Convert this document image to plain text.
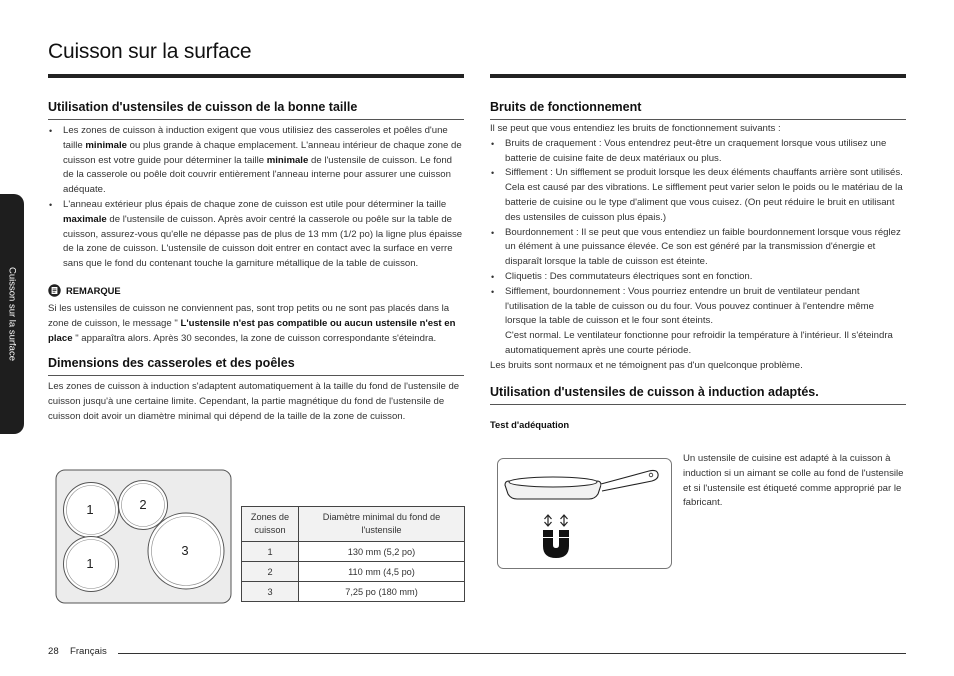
Cuisson sur la surface
Cuisson sur la surface
Utilisation d'ustensiles de cuisson de la bonne taille
• Les zones de cuisson à induction exigent que vous utilisiez des casseroles et poêles d'une taille minimale ou plus grande à chaque emplacement. L'anneau intérieur de chaque zone de cuisson est votre guide pour déterminer la taille minimale de l'ustensile de cuisson. Le fond de la casserole ou poêle doit couvrir entièrement l'anneau interne pour assurer une cuisson adéquate.
• L'anneau extérieur plus épais de chaque zone de cuisson est utile pour déterminer la taille maximale de l'ustensile de cuisson. Après avoir centré la casserole ou poêle sur la table de cuisson, assurez-vous qu'elle ne dépasse pas de plus de 13 mm (1/2 po) la ligne plus épaisse de la zone de cuisson. L'ustensile de cuisson doit entrer en contact avec la surface en verre sans que le fond du contenant touche la garniture métallique de la table de cuisson.
REMARQUE

Si les ustensiles de cuisson ne conviennent pas, sont trop petits ou ne sont pas placés dans la zone de cuisson, le message " L'ustensile n'est pas compatible ou aucun ustensile n'est en place " apparaîtra alors. Après 30 secondes, la zone de cuisson correspondante s'éteindra.

Dimensions des casseroles et des poêles

Les zones de cuisson à induction s'adaptent automatiquement à la taille du fond de l'ustensile de cuisson jusqu'à une certaine limite. Cependant, la partie magnétique du fond de l'ustensile de cuisson doit avoir un diamètre minimal qui dépend de la taille de la zone de cuisson.

1	2
3
1
Zones de cuisson	Diamètre minimal du fond de l'ustensile
1	130 mm (5,2 po)
2	110 mm (4,5 po)
3	7,25 po (180 mm)
Bruits de fonctionnement

Il se peut que vous entendiez les bruits de fonctionnement suivants :

• Bruits de craquement : Vous entendrez peut-être un craquement lorsque vous utilisez une batterie de cuisine faite de deux matériaux ou plus.
• Sifflement : Un sifflement se produit lorsque les deux éléments chauffants arrière sont utilisés.
Cela est causé par des vibrations. Le sifflement peut varier selon le poids ou le matériau de la batterie de cuisine ou le type d'aliment que vous cuisez. (On peut réduire le bruit en utilisant des ustensiles de cuisson plus épais.)
• Bourdonnement : Il se peut que vous entendiez un faible bourdonnement lorsque vous réglez un élément à une puissance élevée. Ce son est généré par la transmission d'énergie et disparaît lorsque la table de cuisson est éteinte.
• Cliquetis : Des commutateurs électriques sont en fonction.
• Sifflement, bourdonnement : Vous pourriez entendre un bruit de ventilateur pendant l'utilisation de la table de cuisson ou du four. Vous pouvez continuer à l'entendre même lorsque la table de cuisson et le four sont éteints.
C'est normal. Le ventilateur fonctionne pour refroidir la température à l'intérieur. Il s'éteindra automatiquement après une courte période.

Les bruits sont normaux et ne témoignent pas d'un quelconque problème.

Utilisation d'ustensiles de cuisson à induction adaptés.
Test d'adéquation

Un ustensile de cuisine est adapté à la cuisson à induction si un aimant se colle au fond de l'ustensile et si l'ustensile est étiqueté comme approprié par le fabricant.

28 Français
